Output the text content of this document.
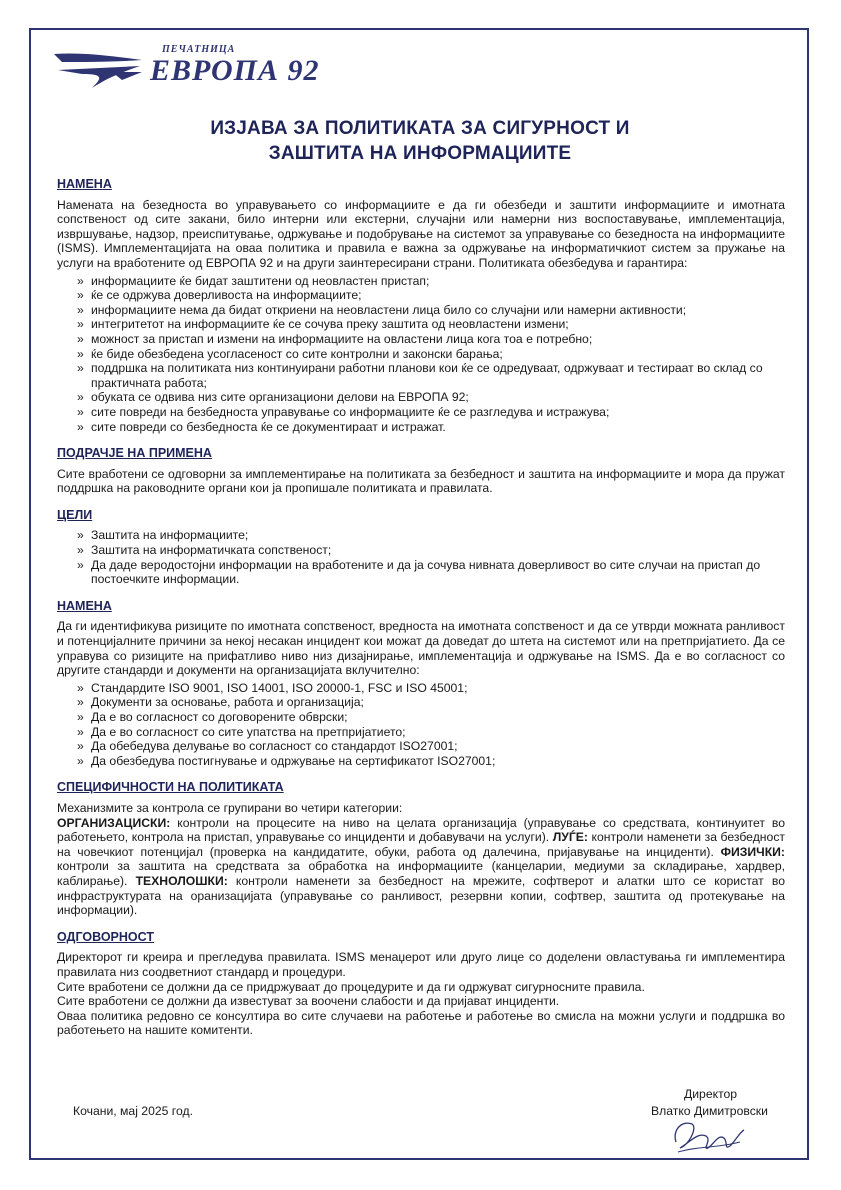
ПЕЧАТНИЦА
ЕВРОПА 92
ИЗЈАВА ЗА ПОЛИТИКАТА ЗА СИГУРНОСТ И
ЗАШТИТА НА ИНФОРМАЦИИТЕ
НАМЕНА

Намената на безедноста во управувањето со информациите е да ги обезбеди и заштити информациите и имотната сопственост од сите закани, било интерни или екстерни, случајни или намерни низ воспоставување, имплементација, извршување, надзор, преиспитување, одржување и подобрување на системот за управување со безедноста на информациите (ISMS). Имплементацијата на оваа политика и правила е важна за одржување на информатичкиот систем за пружање на услуги на вработените од ЕВРОПА 92 и на други заинтересирани страни. Политиката обезбедува и гарантира:

» информациите ќе бидат заштитени од неовластен пристап;
» ќе се одржува доверливоста на информациите;
» информациите нема да бидат откриени на неовластени лица било со случајни или намерни активности;
» интегритетот на информациите ќе се сочува преку заштита од неовластени измени;
» можност за пристап и измени на информациите на овластени лица кога тоа е потребно;
» ќе биде обезбедена усогласеност со сите контролни и законски барања;
» поддршка на политиката низ континуирани работни планови кои ќе се одредуваат, одржуваат и тестираат во склад со практичната работа;
» обуката се одвива низ сите организациони делови на ЕВРОПА 92;
» сите повреди на безбедноста управување со информациите ќе се разгледува и истражува;
» сите повреди со безбедноста ќе се документираат и истражат.
ПОДРАЧЈЕ НА ПРИМЕНА

Сите вработени се одговорни за имплементирање на политиката за безбедност и заштита на информациите и мора да пружат поддршка на раководните органи кои ја пропишале политиката и правилата.

ЦЕЛИ
» Заштита на информациите;
» Заштита на информатичката сопственост;
» Да даде веродостојни информации на вработените и да ја сочува нивната доверливост во сите случаи на пристап до постоечките информации.
НАМЕНА

Да ги идентификува ризиците по имотната сопственост, вредноста на имотната сопственост и да се утврди можната ранливост и потенцијалните причини за некој несакан инцидент кои можат да доведат до штета на системот или на претпријатието. Да се управува со ризиците на прифатливо ниво низ дизајнирање, имплементација и одржување на ISMS. Да е во согласност со другите стандарди и документи на организацијата вклучително:

» Стандардите ISO 9001, ISO 14001, ISO 20000-1, FSC и ISO 45001;
» Документи за основање, работа и организација;
» Да е во согласност со договорените обврски;
» Да е во согласност со сите упатства на претпријатието;
» Да обебедува делување во согласност со стандардот ISO27001;
» Да обезбедува постигнување и одржување на сертификатот ISO27001;
СПЕЦИФИЧНОСТИ НА ПОЛИТИКАТА

Механизмите за контрола се групирани во четири категории:

ОРГАНИЗАЦИСКИ: контроли на процесите на ниво на целата организација (управување со средствата, континуитет во работењето, контрола на пристап, управување со инциденти и добавувачи на услуги). ЛУЃЕ: контроли наменети за безбедност на човечкиот потенцијал (проверка на кандидатите, обуки, работа од далечина, пријавување на инциденти). ФИЗИЧКИ: контроли за заштита на средствата за обработка на информациите (канцеларии, медиуми за складирање, хардвер, каблирање). ТЕХНОЛОШКИ: контроли наменети за безбедност на мрежите, софтверот и алатки што се користат во инфраструктурата на оранизацијата (управување со ранливост, резервни копии, софтвер, заштита од протекување на информации).

ОДГОВОРНОСТ

Директорот ги креира и прегледува правилата. ISMS менаџерот или друго лице со доделени овластувања ги имплементира правилата низ соодветниот стандард и процедури.

Сите вработени се должни да се придржуваат до процедурите и да ги одржуват сигурносните правила.

Сите вработени се должни да известуват за воочени слабости и да пријават инциденти.

Оваа политика редовно се консултира во сите случаеви на работење и работење во смисла на можни услуги и поддршка во работењето на нашите комитенти.

Кочани, мај 2025 год.
Директор
Влатко Димитровски
